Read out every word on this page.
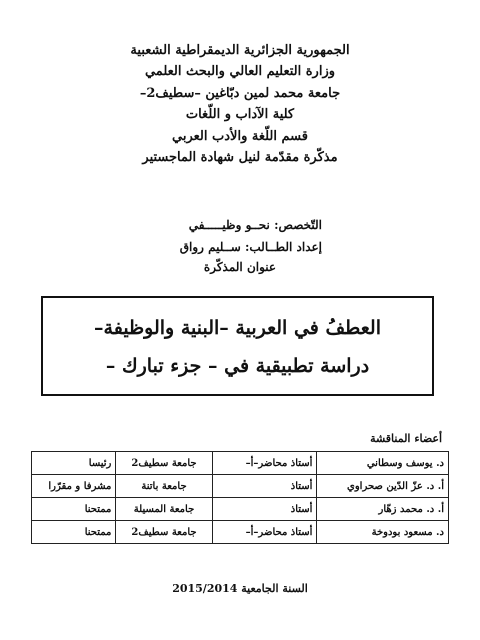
الجمهورية الجزائرية الديمقراطية الشعبية
وزارة التعليم العالي والبحث العلمي
جامعة محمد لمين دبّاغين –سطيف2–
كلية الآداب و اللّغات
قسم اللّغة والأدب العربي
مذكّرة مقدّمة لنيل شهادة الماجستير
التّخصص: نحــو وظيـــــفي
إعداد الطــالب: ســليم رواق
عنوان المذكّرة
العطفُ في العربية –البنية والوظيفة–
دراسة تطبيقية في – جزء تبارك –
أعضاء المناقشة
د. يوسف وسطاني	أستاذ محاضر–أ–	جامعة سطيف2	رئيسا
أ. د. عزّ الدّين صحراوي	أستاذ	جامعة باتنة	مشرفا و مقرّرا
أ. د. محمد زهّار	أستاذ	جامعة المسيلة	ممتحنا
د. مسعود بودوخة	أستاذ محاضر–أ–	جامعة سطيف2	ممتحنا
السنة الجامعية 2015/2014
